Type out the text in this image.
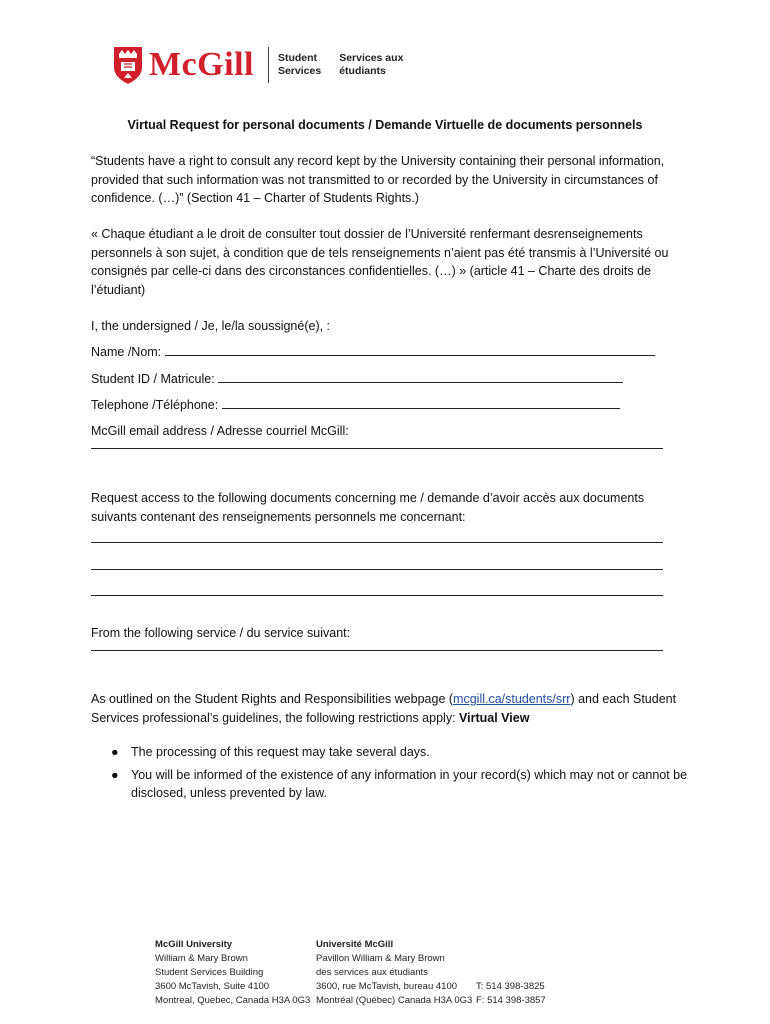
McGill Student
Services
Services aux
étudiants
Virtual Request for personal documents / Demande Virtuelle de documents personnels
“Students have a right to consult any record kept by the University containing their personal information, provided that such information was not transmitted to or recorded by the University in circumstances of confidence. (…)” (Section 41 – Charter of Students Rights.)
« Chaque étudiant a le droit de consulter tout dossier de l’Université renfermant desrenseignements personnels à son sujet, à condition que de tels renseignements n’aient pas été transmis à l’Université ou consignés par celle-ci dans des circonstances confidentielles. (…) » (article 41 – Charte des droits de l’étudiant)
I, the undersigned / Je, le/la soussigné(e), :
Name /Nom:
Student ID / Matricule:
Telephone /Téléphone:
McGill email address / Adresse courriel McGill:
Request access to the following documents concerning me / demande d’avoir accès aux documents suivants contenant des renseignements personnels me concernant:
From the following service / du service suivant:
As outlined on the Student Rights and Responsibilities webpage (mcgill.ca/students/srr) and each Student Services professional’s guidelines, the following restrictions apply: Virtual View
● The processing of this request may take several days.
● You will be informed of the existence of any information in your record(s) which may not or cannot be disclosed, unless prevented by law.
McGill University
William & Mary Brown
Student Services Building
3600 McTavish, Suite 4100
Montreal, Quebec, Canada H3A 0G3
Université McGill
Pavillon William & Mary Brown
des services aux étudiants
3600, rue McTavish, bureau 4100
Montréal (Québec) Canada H3A 0G3
T: 514 398-3825
F: 514 398-3857
